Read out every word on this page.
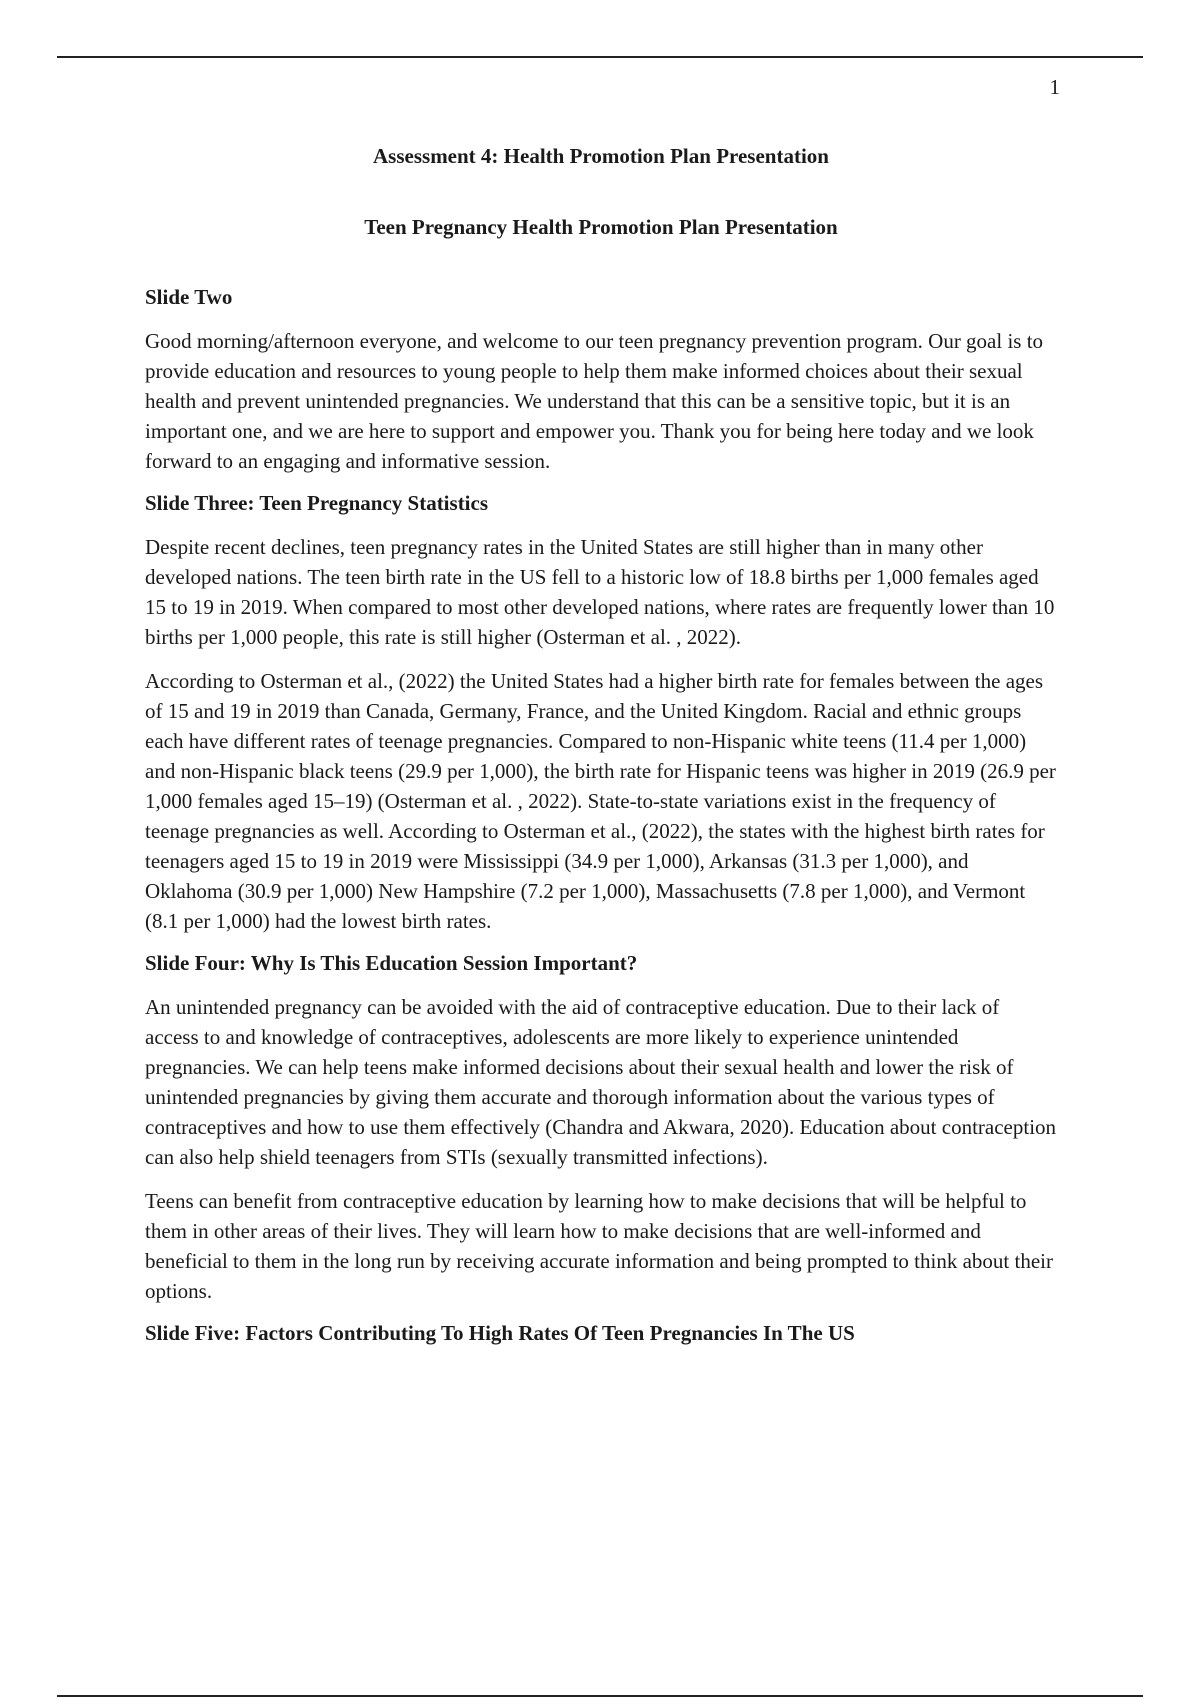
1

Assessment 4: Health Promotion Plan Presentation

Teen Pregnancy Health Promotion Plan Presentation

Slide Two

Good morning/afternoon everyone, and welcome to our teen pregnancy prevention program. Our goal is to provide education and resources to young people to help them make informed choices about their sexual health and prevent unintended pregnancies. We understand that this can be a sensitive topic, but it is an important one, and we are here to support and empower you. Thank you for being here today and we look forward to an engaging and informative session.

Slide Three: Teen Pregnancy Statistics

Despite recent declines, teen pregnancy rates in the United States are still higher than in many other developed nations. The teen birth rate in the US fell to a historic low of 18.8 births per 1,000 females aged 15 to 19 in 2019. When compared to most other developed nations, where rates are frequently lower than 10 births per 1,000 people, this rate is still higher (Osterman et al. , 2022).

According to Osterman et al., (2022) the United States had a higher birth rate for females between the ages of 15 and 19 in 2019 than Canada, Germany, France, and the United Kingdom. Racial and ethnic groups each have different rates of teenage pregnancies. Compared to non-Hispanic white teens (11.4 per 1,000) and non-Hispanic black teens (29.9 per 1,000), the birth rate for Hispanic teens was higher in 2019 (26.9 per 1,000 females aged 15–19) (Osterman et al. , 2022). State-to-state variations exist in the frequency of teenage pregnancies as well. According to Osterman et al., (2022), the states with the highest birth rates for teenagers aged 15 to 19 in 2019 were Mississippi (34.9 per 1,000), Arkansas (31.3 per 1,000), and Oklahoma (30.9 per 1,000) New Hampshire (7.2 per 1,000), Massachusetts (7.8 per 1,000), and Vermont (8.1 per 1,000) had the lowest birth rates.

Slide Four: Why Is This Education Session Important?

An unintended pregnancy can be avoided with the aid of contraceptive education. Due to their lack of access to and knowledge of contraceptives, adolescents are more likely to experience unintended pregnancies. We can help teens make informed decisions about their sexual health and lower the risk of unintended pregnancies by giving them accurate and thorough information about the various types of contraceptives and how to use them effectively (Chandra and Akwara, 2020). Education about contraception can also help shield teenagers from STIs (sexually transmitted infections).

Teens can benefit from contraceptive education by learning how to make decisions that will be helpful to them in other areas of their lives. They will learn how to make decisions that are well-informed and beneficial to them in the long run by receiving accurate information and being prompted to think about their options.

Slide Five: Factors Contributing To High Rates Of Teen Pregnancies In The US
